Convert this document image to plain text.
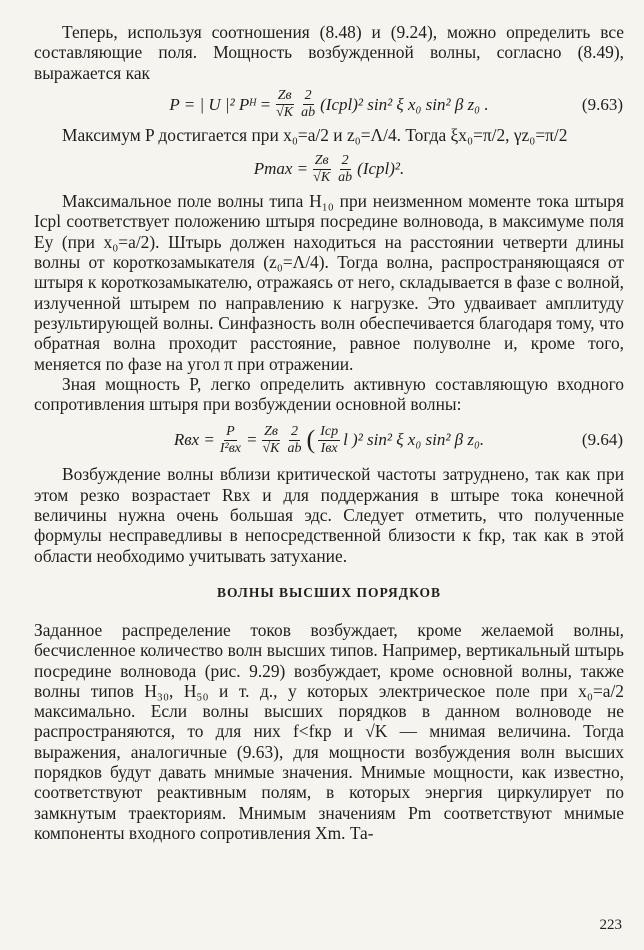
Теперь, используя соотношения (8.48) и (9.24), можно определить все составляющие поля. Мощность возбужденной волны, согласно (8.49), выражается как

P = | U |² Pᴴ = $\frac{Zв}{√K} \frac{2}{ab}$ (Iсрl)² sin² ξ x₀ sin² β z₀ .	(9.63)

Максимум P достигается при x₀=a/2 и z₀=Λ/4. Тогда ξx₀=π/2, γz₀=π/2

$Pmax = \frac{Zв}{√K} \frac{2}{ab}$ (Iсрl)².

Максимальное поле волны типа H₁₀ при неизменном моменте тока штыря Iсрl соответствует положению штыря посредине волновода, в максимуме поля Ey (при x₀=a/2). Штырь должен находиться на расстоянии четверти длины волны от короткозамыкателя (z₀=Λ/4). Тогда волна, распространяющаяся от штыря к короткозамыкателю, отражаясь от него, складывается в фазе с волной, излученной штырем по направлению к нагрузке. Это удваивает амплитуду результирующей волны. Синфазность волн обеспечивается благодаря тому, что обратная волна проходит расстояние, равное полуволне и, кроме того, меняется по фазе на угол π при отражении.

Зная мощность P, легко определить активную составляющую входного сопротивления штыря при возбуждении основной волны:

Rвх = $\frac{P}{\text{I²вх}} = \frac{Zв}{√K} \frac{2}{ab}$ ( $\frac{\text{Iср}}{\text{Iвх}}$ l )² sin² ξ x₀ sin² β z₀.	(9.64)

Возбуждение волны вблизи критической частоты затруднено, так как при этом резко возрастает Rвх и для поддержания в штыре тока конечной величины нужна очень большая эдс. Следует отметить, что полученные формулы несправедливы в непосредственной близости к fкр, так как в этой области необходимо учитывать затухание.

ВОЛНЫ ВЫСШИХ ПОРЯДКОВ

Заданное распределение токов возбуждает, кроме желаемой волны, бесчисленное количество волн высших типов. Например, вертикальный штырь посредине волновода (рис. 9.29) возбуждает, кроме основной волны, также волны типов H₃₀, H₅₀ и т. д., у которых электрическое поле при x₀=a/2 максимально. Если волны высших порядков в данном волноводе не распространяются, то для них f<fкр и √K — мнимая величина. Тогда выражения, аналогичные (9.63), для мощности возбуждения волн высших порядков будут давать мнимые значения. Мнимые мощности, как известно, соответствуют реактивным полям, в которых энергия циркулирует по замкнутым траекториям. Мнимым значениям Pm соответствуют мнимые компоненты входного сопротивления Xm. Та-

223
